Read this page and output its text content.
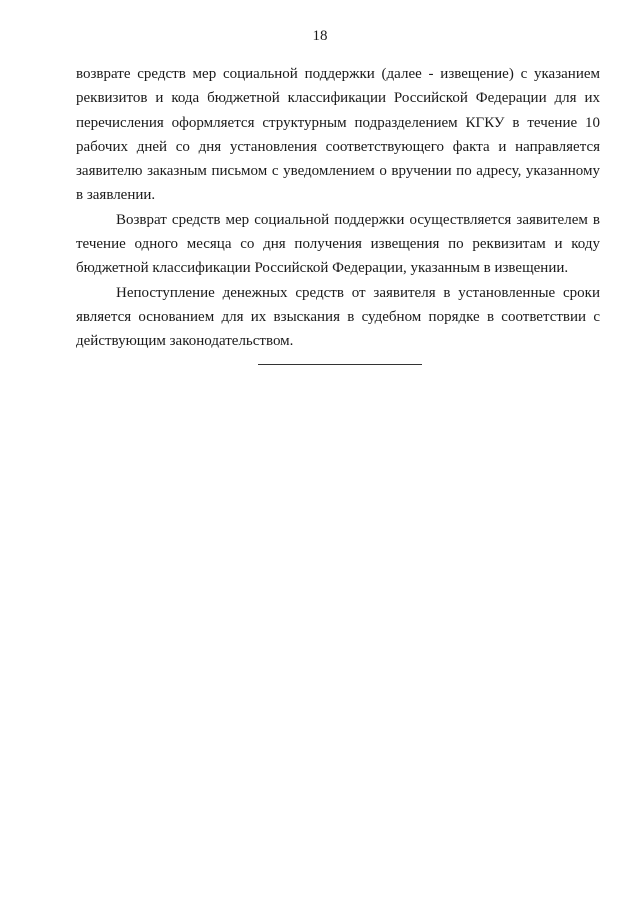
18

возврате средств мер социальной поддержки (далее - извещение) с указанием реквизитов и кода бюджетной классификации Российской Федерации для их перечисления оформляется структурным подразделением КГКУ в течение 10 рабочих дней со дня установления соответствующего факта и направляется заявителю заказным письмом с уведомлением о вручении по адресу, указанному в заявлении.

Возврат средств мер социальной поддержки осуществляется заявителем в течение одного месяца со дня получения извещения по реквизитам и коду бюджетной классификации Российской Федерации, указанным в извещении.

Непоступление денежных средств от заявителя в установленные сроки является основанием для их взыскания в судебном порядке в соответствии с действующим законодательством.
